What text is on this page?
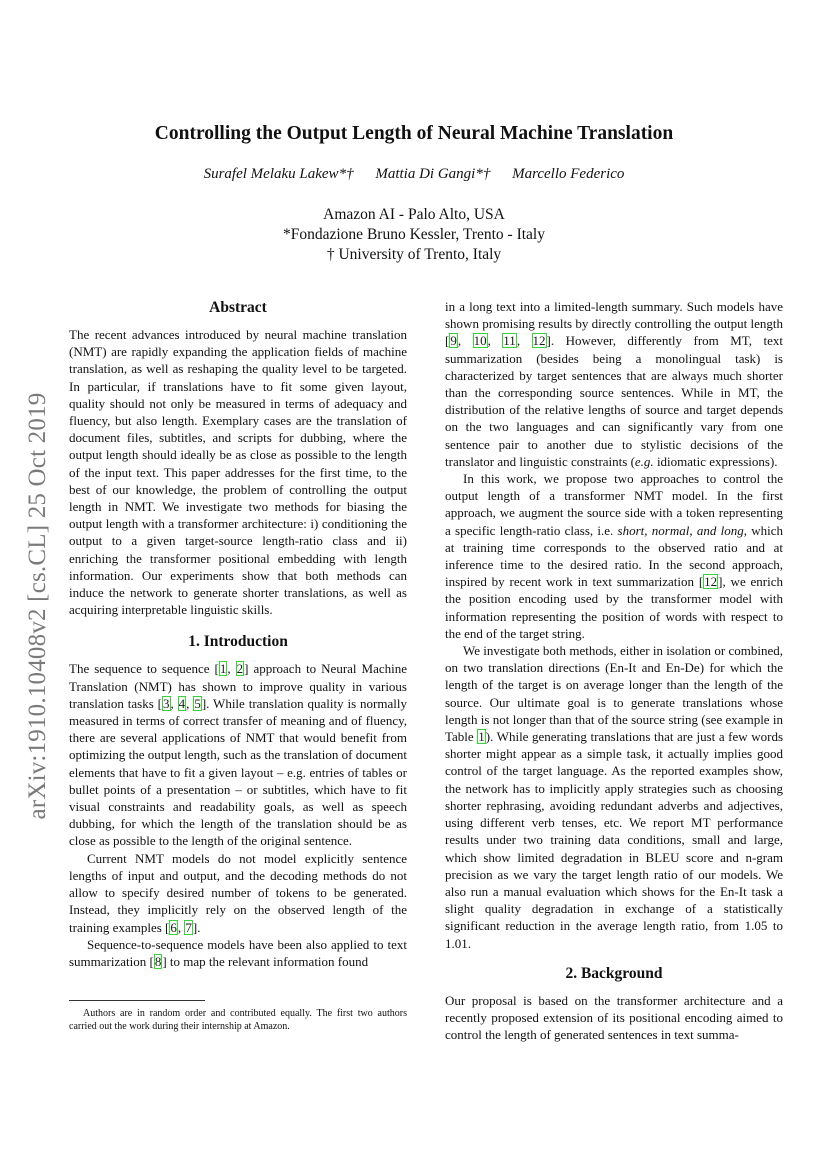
arXiv:1910.10408v2 [cs.CL] 25 Oct 2019
Controlling the Output Length of Neural Machine Translation
Surafel Melaku Lakew*† Mattia Di Gangi*† Marcello Federico
Amazon AI - Palo Alto, USA
*Fondazione Bruno Kessler, Trento - Italy
† University of Trento, Italy
Abstract

The recent advances introduced by neural machine translation (NMT) are rapidly expanding the application fields of machine translation, as well as reshaping the quality level to be targeted. In particular, if translations have to fit some given layout, quality should not only be measured in terms of adequacy and fluency, but also length. Exemplary cases are the translation of document files, subtitles, and scripts for dubbing, where the output length should ideally be as close as possible to the length of the input text. This paper addresses for the first time, to the best of our knowledge, the problem of controlling the output length in NMT. We investigate two methods for biasing the output length with a transformer architecture: i) conditioning the output to a given target-source length-ratio class and ii) enriching the transformer positional embedding with length information. Our experiments show that both methods can induce the network to generate shorter translations, as well as acquiring interpretable linguistic skills.

1. Introduction

The sequence to sequence [1, 2] approach to Neural Machine Translation (NMT) has shown to improve quality in various translation tasks [3, 4, 5]. While translation quality is normally measured in terms of correct transfer of meaning and of fluency, there are several applications of NMT that would benefit from optimizing the output length, such as the translation of document elements that have to fit a given layout – e.g. entries of tables or bullet points of a presentation – or subtitles, which have to fit visual constraints and readability goals, as well as speech dubbing, for which the length of the translation should be as close as possible to the length of the original sentence.

Current NMT models do not model explicitly sentence lengths of input and output, and the decoding methods do not allow to specify desired number of tokens to be generated. Instead, they implicitly rely on the observed length of the training examples [6, 7].

Sequence-to-sequence models have been also applied to text summarization [8] to map the relevant information found

in a long text into a limited-length summary. Such models have shown promising results by directly controlling the output length [9, 10, 11, 12]. However, differently from MT, text summarization (besides being a monolingual task) is characterized by target sentences that are always much shorter than the corresponding source sentences. While in MT, the distribution of the relative lengths of source and target depends on the two languages and can significantly vary from one sentence pair to another due to stylistic decisions of the translator and linguistic constraints (e.g. idiomatic expressions).

In this work, we propose two approaches to control the output length of a transformer NMT model. In the first approach, we augment the source side with a token representing a specific length-ratio class, i.e. short, normal, and long, which at training time corresponds to the observed ratio and at inference time to the desired ratio. In the second approach, inspired by recent work in text summarization [12], we enrich the position encoding used by the transformer model with information representing the position of words with respect to the end of the target string.

We investigate both methods, either in isolation or combined, on two translation directions (En-It and En-De) for which the length of the target is on average longer than the length of the source. Our ultimate goal is to generate translations whose length is not longer than that of the source string (see example in Table 1). While generating translations that are just a few words shorter might appear as a simple task, it actually implies good control of the target language. As the reported examples show, the network has to implicitly apply strategies such as choosing shorter rephrasing, avoiding redundant adverbs and adjectives, using different verb tenses, etc. We report MT performance results under two training data conditions, small and large, which show limited degradation in BLEU score and n-gram precision as we vary the target length ratio of our models. We also run a manual evaluation which shows for the En-It task a slight quality degradation in exchange of a statistically significant reduction in the average length ratio, from 1.05 to 1.01.

2. Background

Our proposal is based on the transformer architecture and a recently proposed extension of its positional encoding aimed to control the length of generated sentences in text summa-

Authors are in random order and contributed equally. The first two authors carried out the work during their internship at Amazon.
